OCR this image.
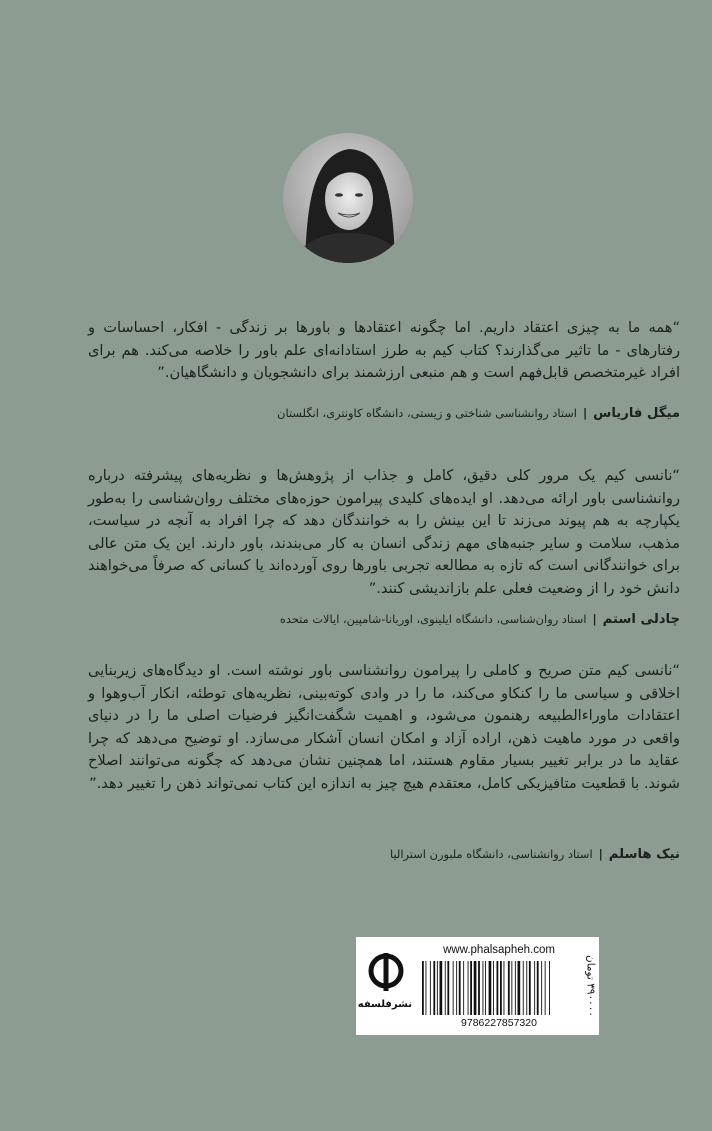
“همه ما به چیزی اعتقاد داریم. اما چگونه اعتقادها و باورها بر زندگی - افکار، احساسات و رفتارهای - ما تاثیر می‌گذارند؟ کتاب کیم به طرز استادانه‌ای علم باور را خلاصه می‌کند. هم برای افراد غیرمتخصص قابل‌فهم است و هم منبعی ارزشمند برای دانشجویان و دانشگاهیان.”
میگل فارياس|استاد روانشناسی شناختی و زیستی، دانشگاه کاونتری، انگلستان
“نانسی کیم یک مرور کلی دقیق، کامل و جذاب از پژوهش‌ها و نظریه‌های پیشرفته درباره روانشناسی باور ارائه می‌دهد. او ایده‌های کلیدی پیرامون حوزه‌های مختلف روان‌شناسی را به‌طور یکپارچه به هم پیوند می‌زند تا این بینش را به خوانندگان دهد که چرا افراد به آنچه در سیاست، مذهب، سلامت و سایر جنبه‌های مهم زندگی انسان به کار می‌بندند، باور دارند. این یک متن عالی برای خوانندگانی است که تازه به مطالعه تجربی باورها روی آورده‌اند یا کسانی که صرفاً می‌خواهند دانش خود را از وضعیت فعلی علم بازاندیشی کنند.”
چادلی استم|استاد روان‌شناسی، دانشگاه ایلینوی، اوربانا-شامپین، ایالات متحده
“نانسی کیم متن صریح و کاملی را پیرامون روانشناسی باور نوشته است. او دیدگاه‌های زیربنایی اخلاقی و سیاسی ما را کنکاو می‌کند، ما را در وادی کوته‌بینی، نظریه‌های توطئه، انکار آب‌وهوا و اعتقادات ماوراءالطبیعه رهنمون می‌شود، و اهمیت شگفت‌انگیز فرضیات اصلی ما را در دنیای واقعی در مورد ماهیت ذهن، اراده آزاد و امکان انسان آشکار می‌سازد. او توضیح می‌دهد که چرا عقاید ما در برابر تغییر بسیار مقاوم هستند، اما همچنین نشان می‌دهد که چگونه می‌توانند اصلاح شوند. با قطعیت متافیزیکی کامل، معتقدم هیچ چیز به اندازه این کتاب نمی‌تواند ذهن را تغییر دهد.”
نیک هاسلم|استاد روانشناسی، دانشگاه ملبورن استرالیا
نشرفلسفه
www.phalsapheh.com
9786227857320
۳۹۰۰۰۰ تومان
